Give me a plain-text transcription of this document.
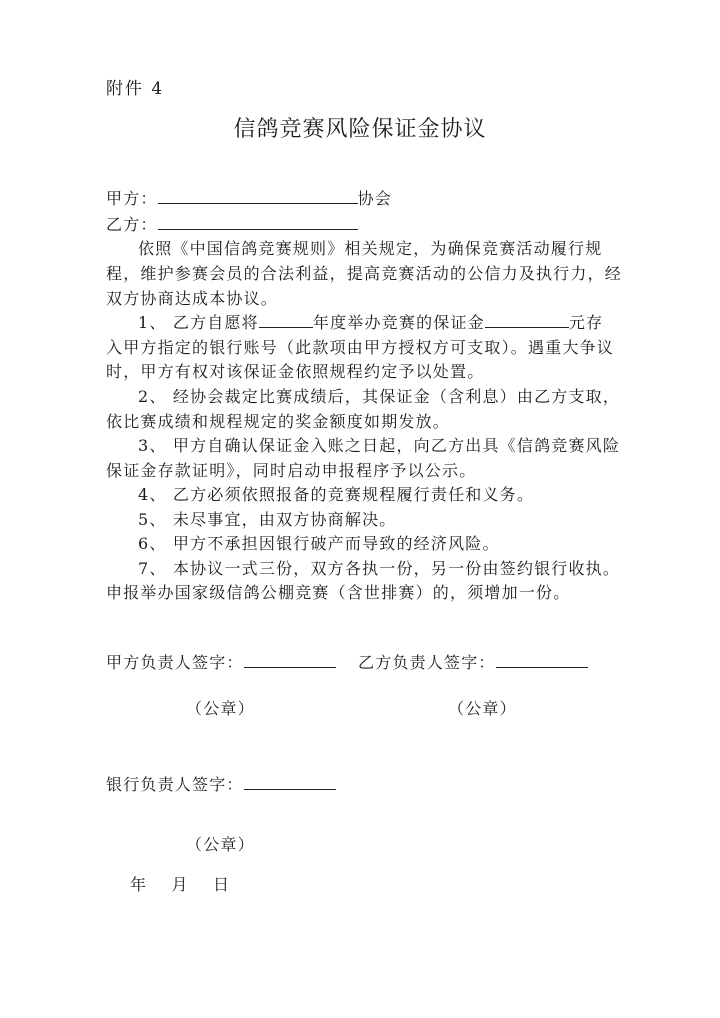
附件 4
信鸽竞赛风险保证金协议
甲方：	协会
乙方：
依照《中国信鸽竞赛规则》相关规定，为确保竞赛活动履行规
程，维护参赛会员的合法利益，提高竞赛活动的公信力及执行力，经
双方协商达成本协议。
1、 乙方自愿将	年度举办竞赛的保证金	元存
入甲方指定的银行账号（此款项由甲方授权方可支取）。遇重大争议
时，甲方有权对该保证金依照规程约定予以处置。
2、 经协会裁定比赛成绩后，其保证金（含利息）由乙方支取，
依比赛成绩和规程规定的奖金额度如期发放。
3、 甲方自确认保证金入账之日起，向乙方出具《信鸽竞赛风险
保证金存款证明》，同时启动申报程序予以公示。
4、 乙方必须依照报备的竞赛规程履行责任和义务。
5、 未尽事宜，由双方协商解决。
6、 甲方不承担因银行破产而导致的经济风险。
7、 本协议一式三份，双方各执一份，另一份由签约银行收执。
申报举办国家级信鸽公棚竞赛（含世排赛）的，须增加一份。
甲方负责人签字：	乙方负责人签字：
（公章）	（公章）
银行负责人签字：
（公章）
年 月 日
